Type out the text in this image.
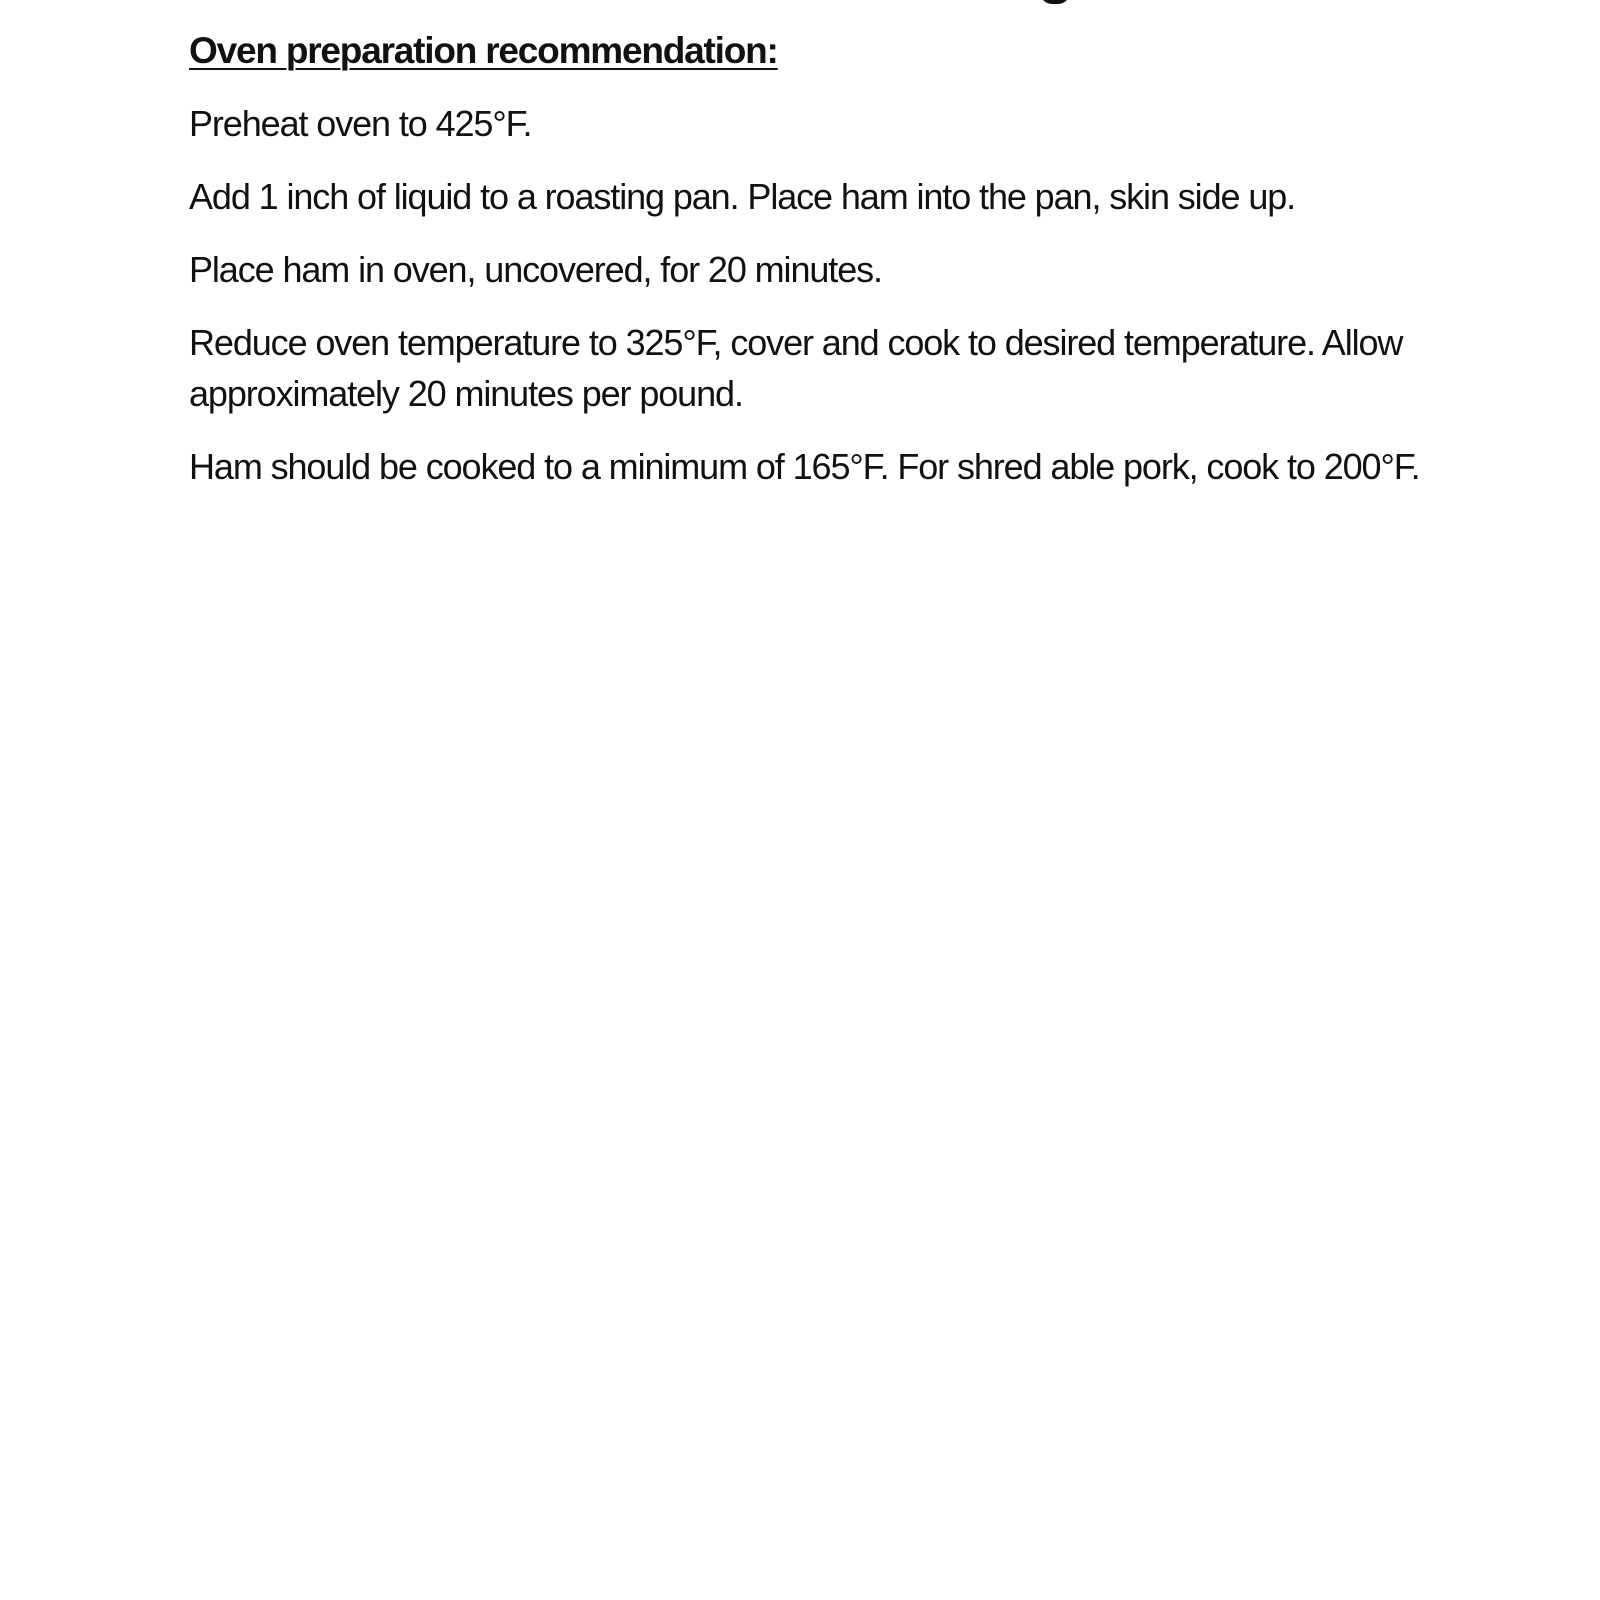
Oven preparation recommendation:

Preheat oven to 425°F.

Add 1 inch of liquid to a roasting pan. Place ham into the pan, skin side up.

Place ham in oven, uncovered, for 20 minutes.

Reduce oven temperature to 325°F, cover and cook to desired temperature. Allow approximately 20 minutes per pound.

Ham should be cooked to a minimum of 165°F. For shred able pork, cook to 200°F.
